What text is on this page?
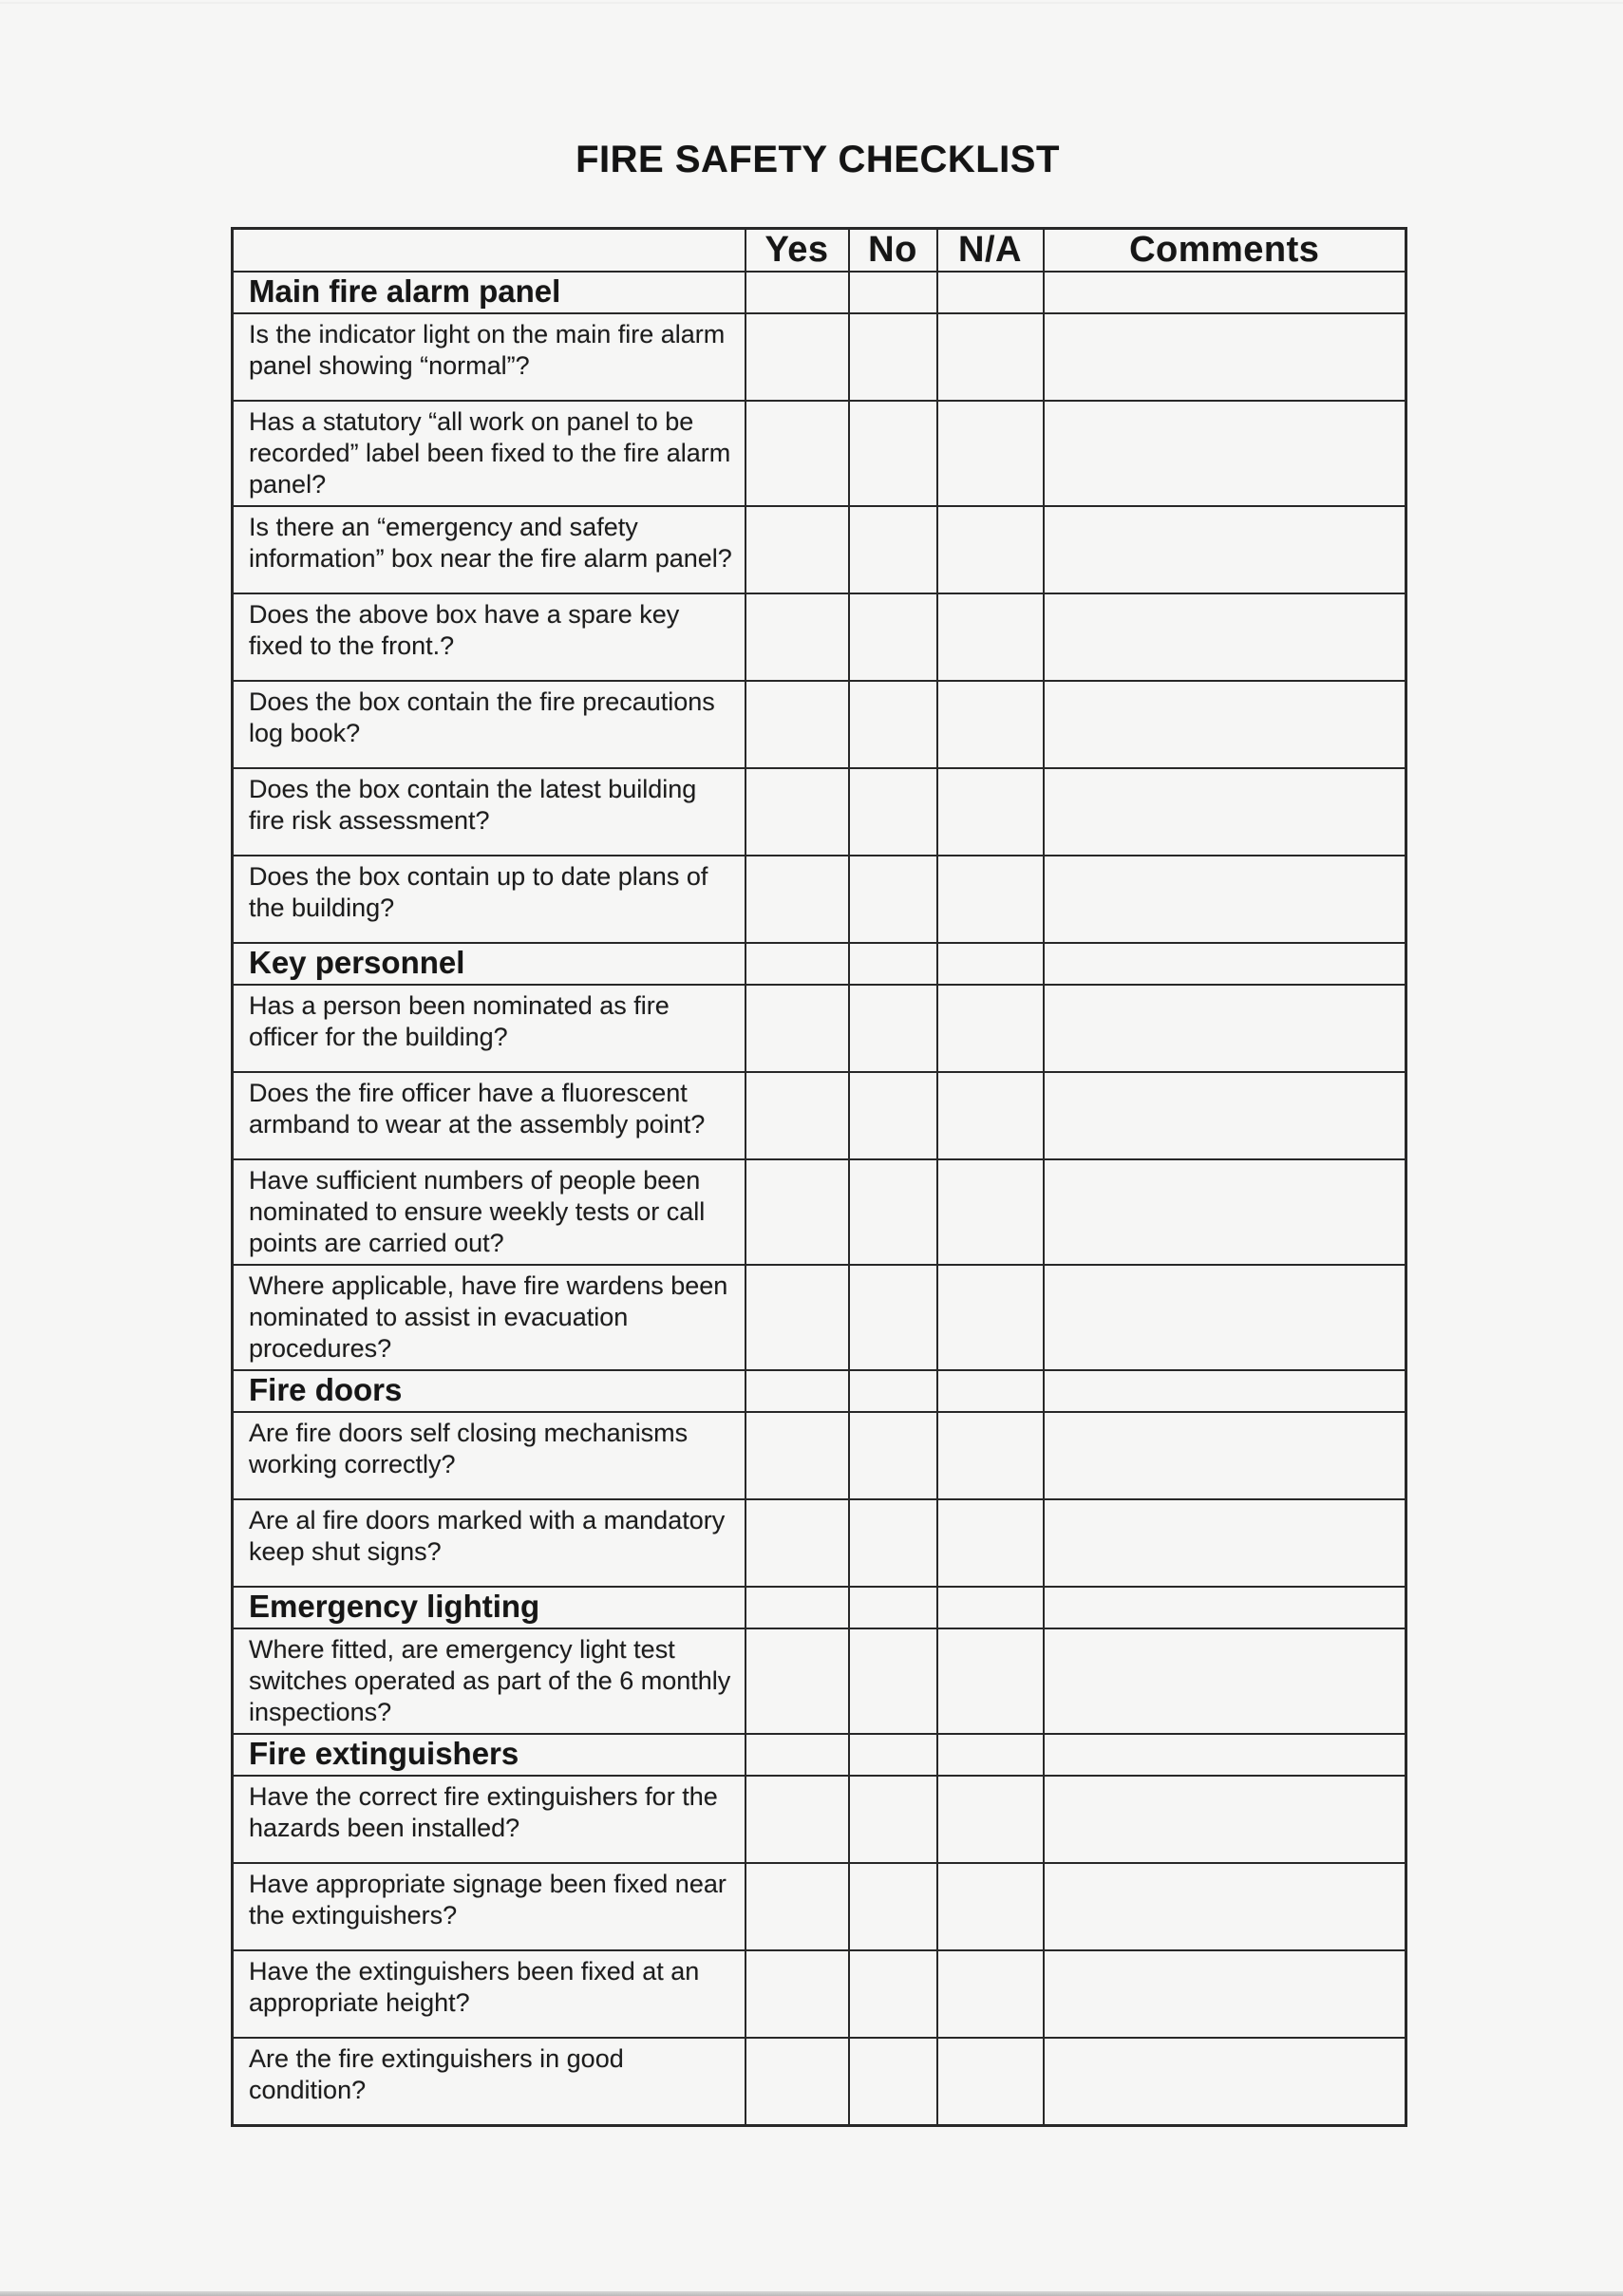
FIRE SAFETY CHECKLIST
	Yes	No	N/A	Comments
Main fire alarm panel				
Is the indicator light on the main fire alarm panel showing “normal”?				
Has a statutory “all work on panel to be recorded” label been fixed to the fire alarm panel?				
Is there an “emergency and safety information” box near the fire alarm panel?				
Does the above box have a spare key fixed to the front.?				
Does the box contain the fire precautions log book?				
Does the box contain the latest building fire risk assessment?				
Does the box contain up to date plans of the building?				
Key personnel				
Has a person been nominated as fire officer for the building?				
Does the fire officer have a fluorescent armband to wear at the assembly point?				
Have sufficient numbers of people been nominated to ensure weekly tests or call points are carried out?				
Where applicable, have fire wardens been nominated to assist in evacuation procedures?				
Fire doors				
Are fire doors self closing mechanisms working correctly?				
Are al fire doors marked with a mandatory keep shut signs?				
Emergency lighting				
Where fitted, are emergency light test switches operated as part of the 6 monthly inspections?				
Fire extinguishers				
Have the correct fire extinguishers for the hazards been installed?				
Have appropriate signage been fixed near the extinguishers?				
Have the extinguishers been fixed at an appropriate height?				
Are the fire extinguishers in good condition?				
